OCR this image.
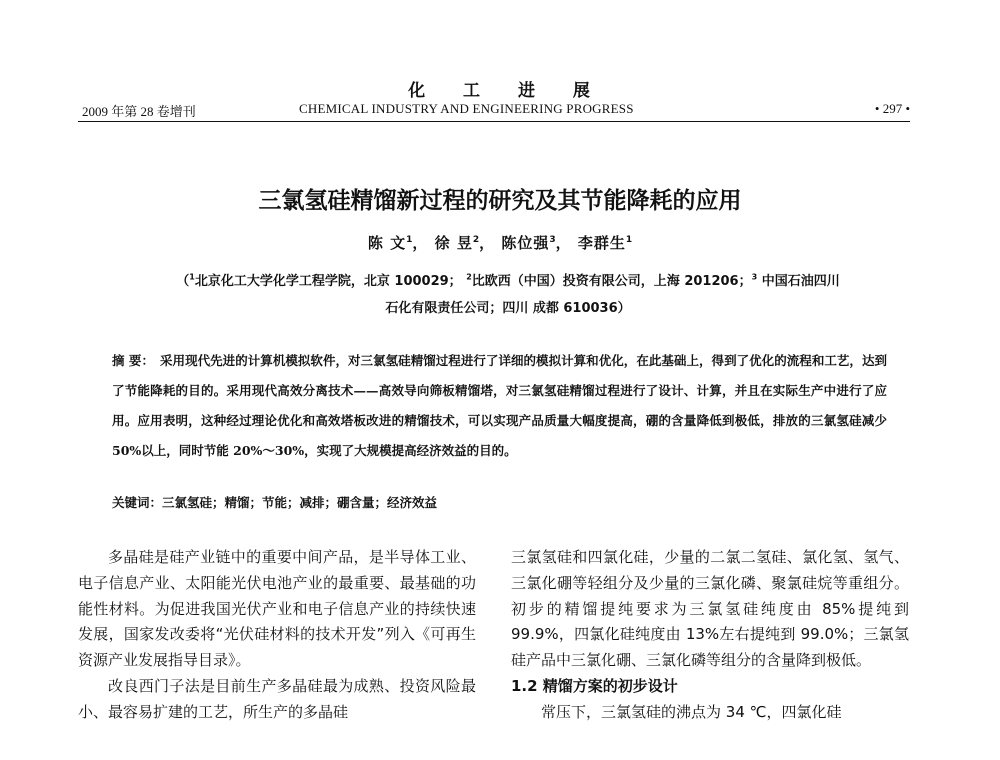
化 工 进 展
2009 年第 28 卷增刊	CHEMICAL INDUSTRY AND ENGINEERING PROGRESS	• 297 •
三氯氢硅精馏新过程的研究及其节能降耗的应用
陈 文$^1$， 徐 昱$^2$， 陈位强$^3$， 李群生$^1$
（$^1$北京化工大学化学工程学院，北京 100029； $^2$比欧西（中国）投资有限公司，上海 201206；$^3$ 中国石油四川
石化有限责任公司；四川 成都 610036）
摘 要： 采用现代先进的计算机模拟软件，对三氯氢硅精馏过程进行了详细的模拟计算和优化，在此基础上，得到了优化的流程和工艺，达到了节能降耗的目的。采用现代高效分离技术——高效导向筛板精馏塔，对三氯氢硅精馏过程进行了设计、计算，并且在实际生产中进行了应用。应用表明，这种经过理论优化和高效塔板改进的精馏技术，可以实现产品质量大幅度提高，硼的含量降低到极低，排放的三氯氢硅减少 50%以上，同时节能 20%～30%，实现了大规模提高经济效益的目的。
关键词：三氯氢硅；精馏；节能；减排；硼含量；经济效益

多晶硅是硅产业链中的重要中间产品，是半导体工业、电子信息产业、太阳能光伏电池产业的最重要、最基础的功能性材料。为促进我国光伏产业和电子信息产业的持续快速发展，国家发改委将“光伏硅材料的技术开发”列入《可再生资源产业发展指导目录》。

改良西门子法是目前生产多晶硅最为成熟、投资风险最小、最容易扩建的工艺，所生产的多晶硅

三氯氢硅和四氯化硅，少量的二氯二氢硅、氯化氢、氢气、三氯化硼等轻组分及少量的三氯化磷、聚氯硅烷等重组分。初步的精馏提纯要求为三氯氢硅纯度由 85%提纯到 99.9%，四氯化硅纯度由 13%左右提纯到 99.0%；三氯氢硅产品中三氯化硼、三氯化磷等组分的含量降到极低。

1.2 精馏方案的初步设计

常压下，三氯氢硅的沸点为 34 ℃，四氯化硅
